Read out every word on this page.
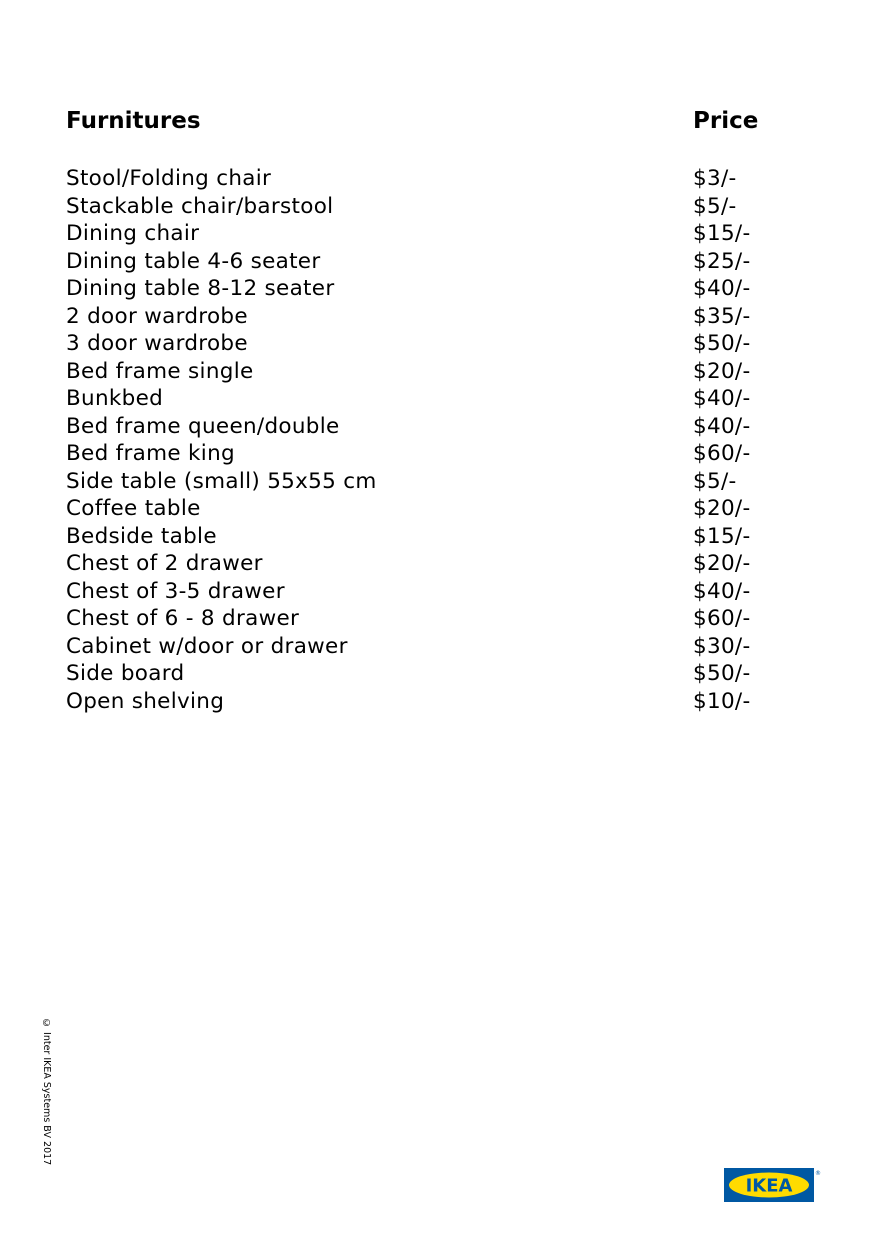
Furnitures	Price
Stool/Folding chair	$3/-
Stackable chair/barstool	$5/-
Dining chair	$15/-
Dining table 4-6 seater	$25/-
Dining table 8-12 seater	$40/-
2 door wardrobe	$35/-
3 door wardrobe	$50/-
Bed frame single	$20/-
Bunkbed	$40/-
Bed frame queen/double	$40/-
Bed frame king	$60/-
Side table (small) 55x55 cm	$5/-
Coffee table	$20/-
Bedside table	$15/-
Chest of 2 drawer	$20/-
Chest of 3-5 drawer	$40/-
Chest of 6 - 8 drawer	$60/-
Cabinet w/door or drawer	$30/-
Side board	$50/-
Open shelving	$10/-
© Inter IKEA Systems BV 2017
IKEA
®
